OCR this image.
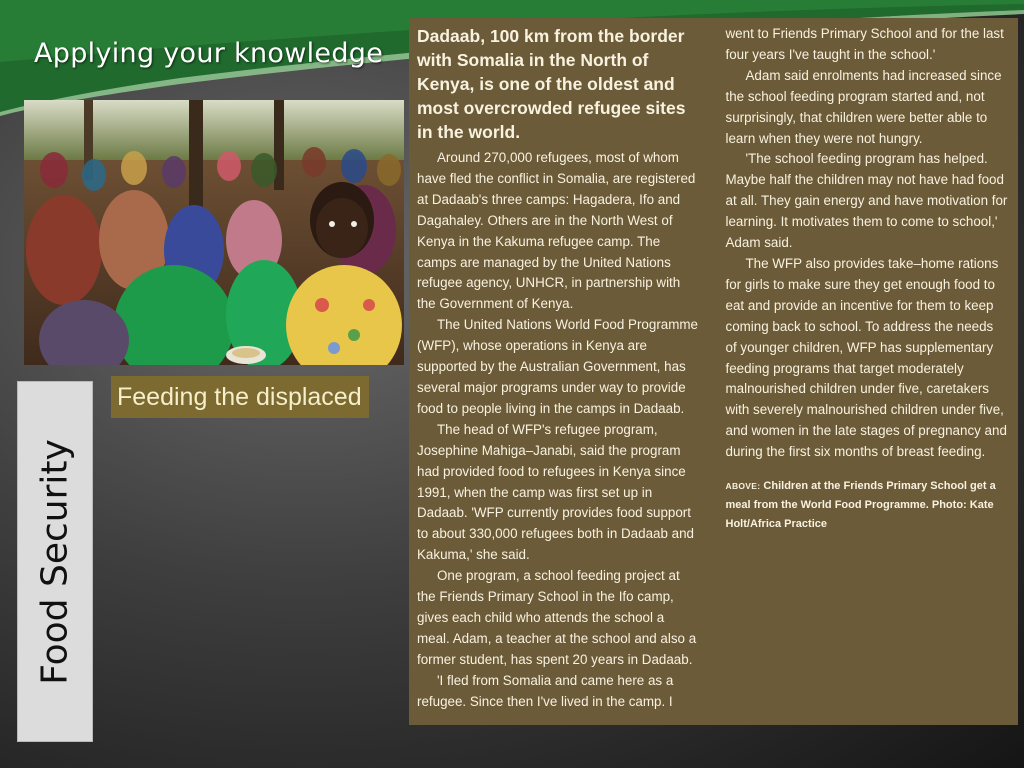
Applying your knowledge
Food Security
Feeding the displaced

Dadaab, 100 km from the border with Somalia in the North of Kenya, is one of the oldest and most overcrowded refugee sites in the world.

Around 270,000 refugees, most of whom have fled the conflict in Somalia, are registered at Dadaab's three camps: Hagadera, Ifo and Dagahaley. Others are in the North West of Kenya in the Kakuma refugee camp. The camps are managed by the United Nations refugee agency, UNHCR, in partnership with the Government of Kenya.

The United Nations World Food Programme (WFP), whose operations in Kenya are supported by the Australian Government, has several major programs under way to provide food to people living in the camps in Dadaab.

The head of WFP's refugee program, Josephine Mahiga–Janabi, said the program had provided food to refugees in Kenya since 1991, when the camp was first set up in Dadaab. 'WFP currently provides food support to about 330,000 refugees both in Dadaab and Kakuma,' she said.

One program, a school feeding project at the Friends Primary School in the Ifo camp, gives each child who attends the school a meal. Adam, a teacher at the school and also a former student, has spent 20 years in Dadaab.

'I fled from Somalia and came here as a refugee. Since then I've lived in the camp. I went to Friends Primary School and for the last four years I've taught in the school.'

Adam said enrolments had increased since the school feeding program started and, not surprisingly, that children were better able to learn when they were not hungry.

'The school feeding program has helped. Maybe half the children may not have had food at all. They gain energy and have motivation for learning. It motivates them to come to school,' Adam said.

The WFP also provides take–home rations for girls to make sure they get enough food to eat and provide an incentive for them to keep coming back to school. To address the needs of younger children, WFP has supplementary feeding programs that target moderately malnourished children under five, caretakers with severely malnourished children under five, and women in the late stages of pregnancy and during the first six months of breast feeding.

ABOVE: Children at the Friends Primary School get a meal from the World Food Programme. Photo: Kate Holt/Africa Practice
